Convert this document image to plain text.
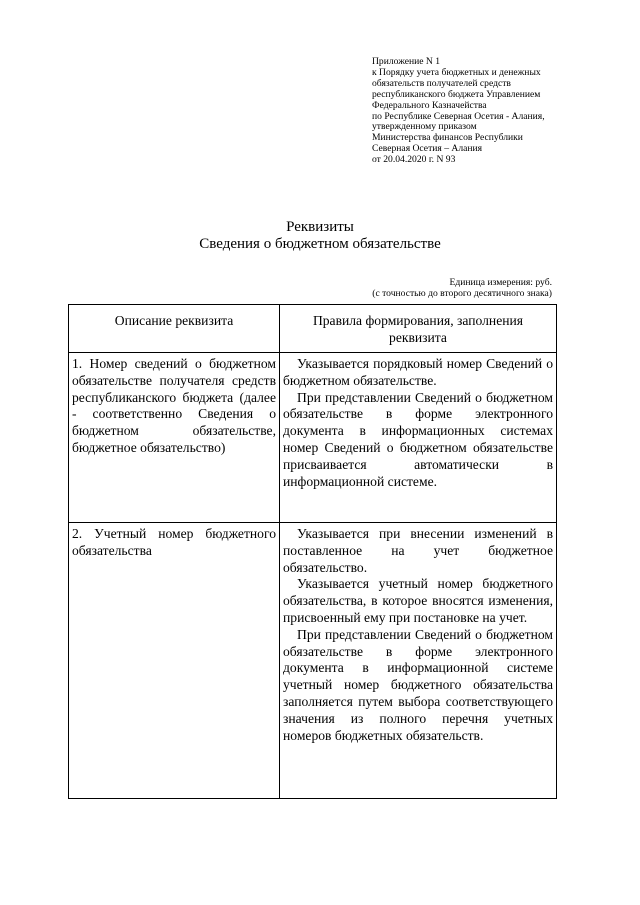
Приложение N 1
к Порядку учета бюджетных и денежных
обязательств получателей средств
республиканского бюджета Управлением
Федерального Казначейства
по Республике Северная Осетия - Алания,
утвержденному приказом
Министерства финансов Республики
Северная Осетия – Алания
от 20.04.2020 г. N 93
Реквизиты
Сведения о бюджетном обязательстве
Единица измерения: руб.
(с точностью до второго десятичного знака)
Описание реквизита	Правила формирования, заполнения реквизита

1. Номер сведений о бюджетном обязательстве получателя средств республиканского бюджета (далее - соответственно Сведения о бюджетном обязательстве, бюджетное обязательство)	Указывается порядковый номер Сведений о бюджетном обязательстве.

При представлении Сведений о бюджетном обязательстве в форме электронного документа в информационных системах номер Сведений о бюджетном обязательстве присваивается автоматически в информационной системе.

2. Учетный номер бюджетного обязательства	Указывается при внесении изменений в поставленное на учет бюджетное обязательство.

Указывается учетный номер бюджетного обязательства, в которое вносятся изменения, присвоенный ему при постановке на учет.

При представлении Сведений о бюджетном обязательстве в форме электронного документа в информационной системе учетный номер бюджетного обязательства заполняется путем выбора соответствующего значения из полного перечня учетных номеров бюджетных обязательств.
